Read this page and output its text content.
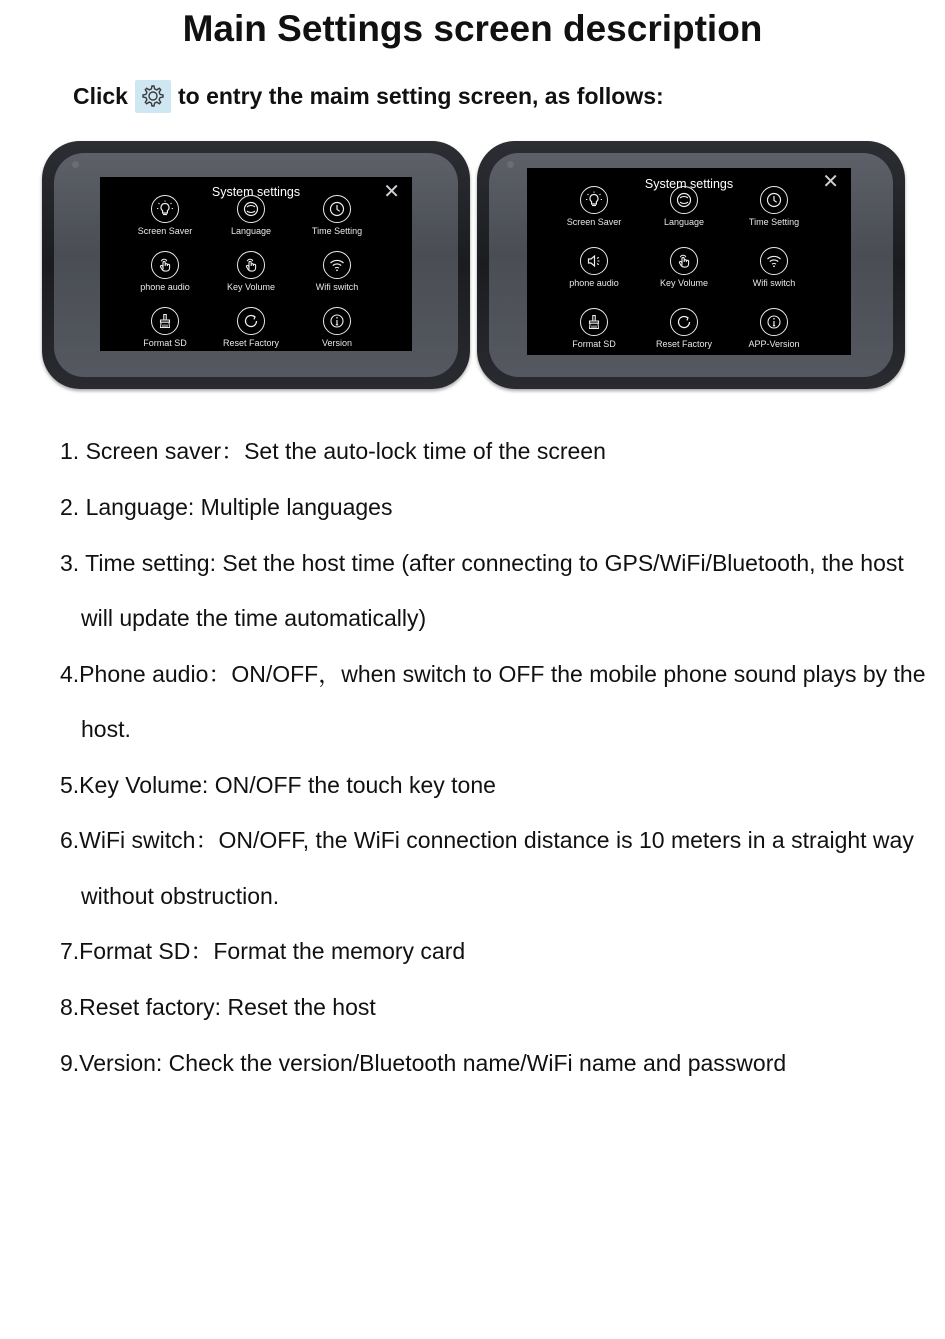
Main Settings screen description
Click to entry the maim setting screen, as follows:
System settings	✕
Screen Saver	Language	Time Setting
phone audio	Key Volume	Wifi switch
Format SD	Reset Factory	Version
System settings	✕
Screen Saver	Language	Time Setting
phone audio	Key Volume	Wifi switch
Format SD	Reset Factory	APP-Version
1. Screen saver：Set the auto-lock time of the screen
2. Language: Multiple languages
3. Time setting: Set the host time (after connecting to GPS/WiFi/Bluetooth, the host
will update the time automatically)
4.Phone audio：ON/OFF，when switch to OFF the mobile phone sound plays by the
host.
5.Key Volume: ON/OFF the touch key tone
6.WiFi switch：ON/OFF, the WiFi connection distance is 10 meters in a straight way
without obstruction.
7.Format SD：Format the memory card
8.Reset factory: Reset the host
9.Version: Check the version/Bluetooth name/WiFi name and password
